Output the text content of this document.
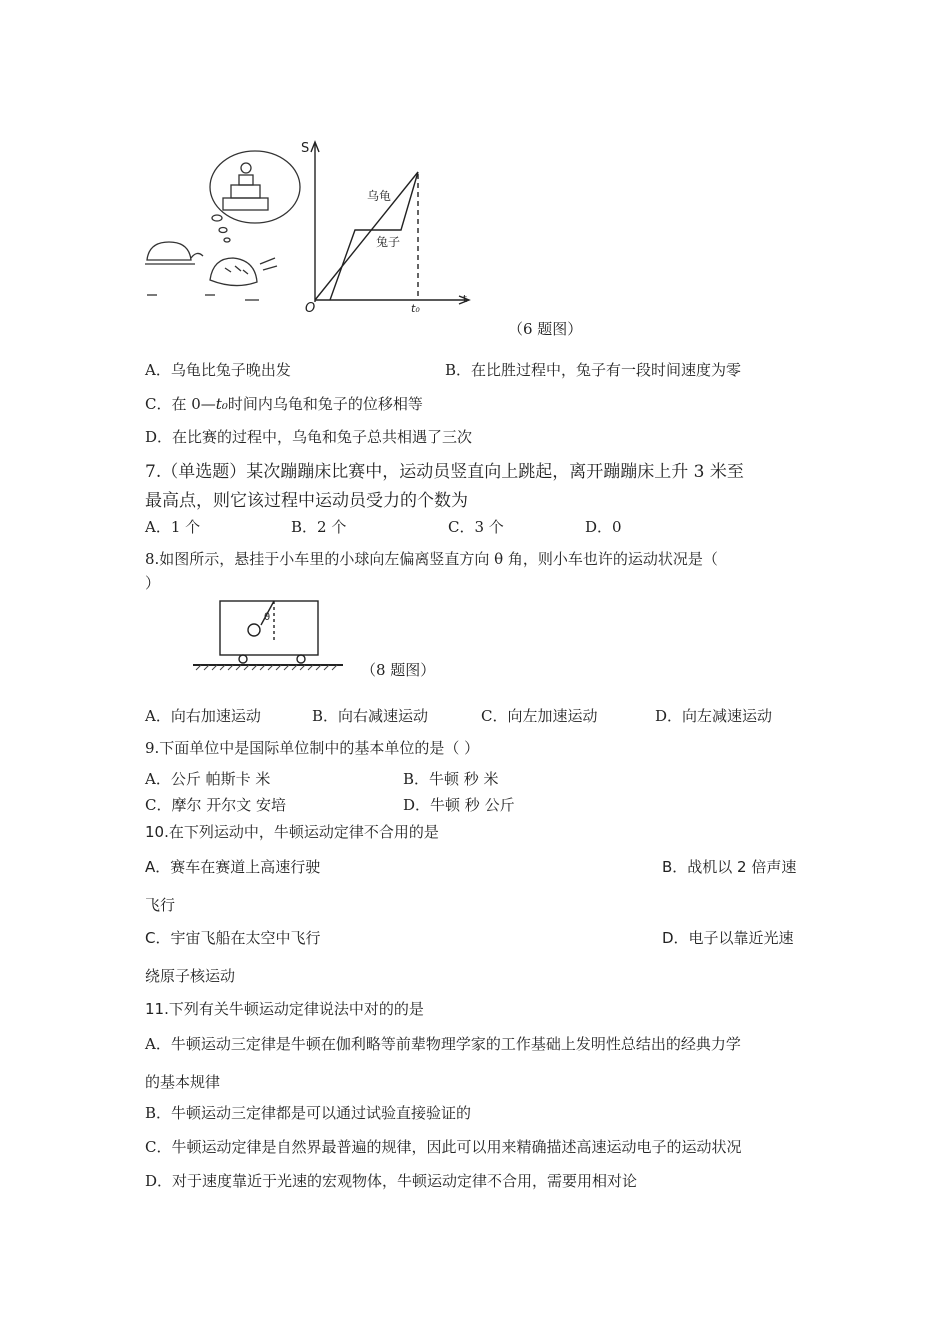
S
t
O	t₀
乌龟
兔子
（6 题图）
A．乌龟比兔子晚出发	B．在比胜过程中，兔子有一段时间速度为零
C．在 0—t₀时间内乌龟和兔子的位移相等
D．在比赛的过程中，乌龟和兔子总共相遇了三次
7.（单选题）某次蹦蹦床比赛中，运动员竖直向上跳起，离开蹦蹦床上升 3 米至
最高点，则它该过程中运动员受力的个数为
A．1 个	B．2 个	C．3 个	D．0
8.如图所示，悬挂于小车里的小球向左偏离竖直方向 θ 角，则小车也许的运动状况是（
）
θ
（8 题图）
A．向右加速运动	B．向右减速运动	C．向左加速运动	D．向左减速运动
9.下面单位中是国际单位制中的基本单位的是（ ）
A．公斤 帕斯卡 米	B．牛顿 秒 米
C．摩尔 开尔文 安培	D．牛顿 秒 公斤
10.在下列运动中，牛顿运动定律不合用的是
A．赛车在赛道上高速行驶	B．战机以 2 倍声速
飞行
C．宇宙飞船在太空中飞行	D．电子以靠近光速
绕原子核运动
11.下列有关牛顿运动定律说法中对的的是
A．牛顿运动三定律是牛顿在伽利略等前辈物理学家的工作基础上发明性总结出的经典力学
的基本规律
B．牛顿运动三定律都是可以通过试验直接验证的
C．牛顿运动定律是自然界最普遍的规律，因此可以用来精确描述高速运动电子的运动状况
D．对于速度靠近于光速的宏观物体，牛顿运动定律不合用，需要用相对论
